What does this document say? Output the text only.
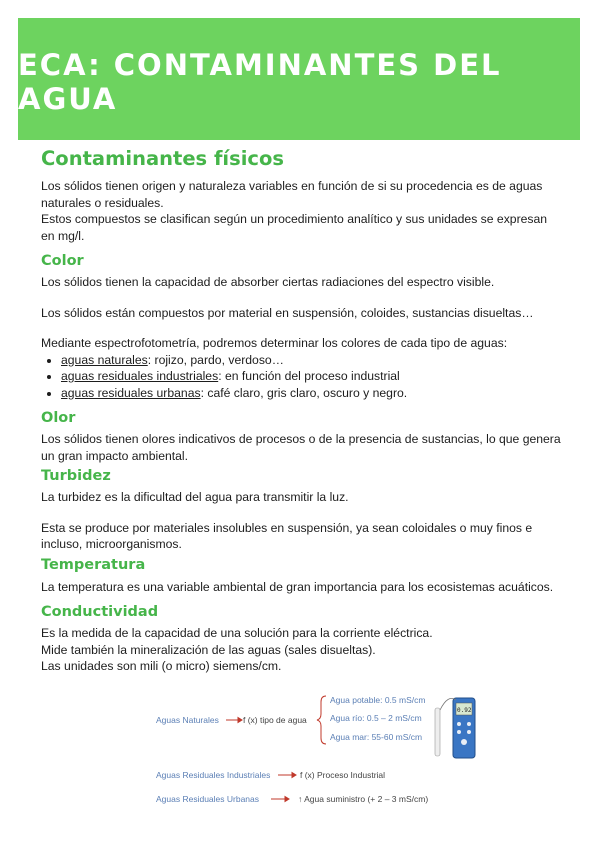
ECA: CONTAMINANTES DEL AGUA
Contaminantes físicos

Los sólidos tienen origen y naturaleza variables en función de si su procedencia es de aguas naturales o residuales.

Estos compuestos se clasifican según un procedimiento analítico y sus unidades se expresan en mg/l.

Color

Los sólidos tienen la capacidad de absorber ciertas radiaciones del espectro visible.

Los sólidos están compuestos por material en suspensión, coloides, sustancias disueltas…

Mediante espectrofotometría, podremos determinar los colores de cada tipo de aguas:

• aguas naturales: rojizo, pardo, verdoso…
• aguas residuales industriales: en función del proceso industrial
• aguas residuales urbanas: café claro, gris claro, oscuro y negro.
Olor

Los sólidos tienen olores indicativos de procesos o de la presencia de sustancias, lo que genera un gran impacto ambiental.

Turbidez

La turbidez es la dificultad del agua para transmitir la luz.

Esta se produce por materiales insolubles en suspensión, ya sean coloidales o muy finos e incluso, microorganismos.

Temperatura

La temperatura es una variable ambiental de gran importancia para los ecosistemas acuáticos.

Conductividad

Es la medida de la capacidad de una solución para la corriente eléctrica.

Mide también la mineralización de las aguas (sales disueltas).

Las unidades son mili (o micro) siemens/cm.

Aguas Naturales	f (x) tipo de agua
Agua potable: 0.5 mS/cm
Agua río: 0.5 – 2 mS/cm
Agua mar: 55-60 mS/cm
Aguas Residuales Industriales	f (x) Proceso Industrial
Aguas Residuales Urbanas	↑ Agua suministro (+ 2 – 3 mS/cm)
0.92
